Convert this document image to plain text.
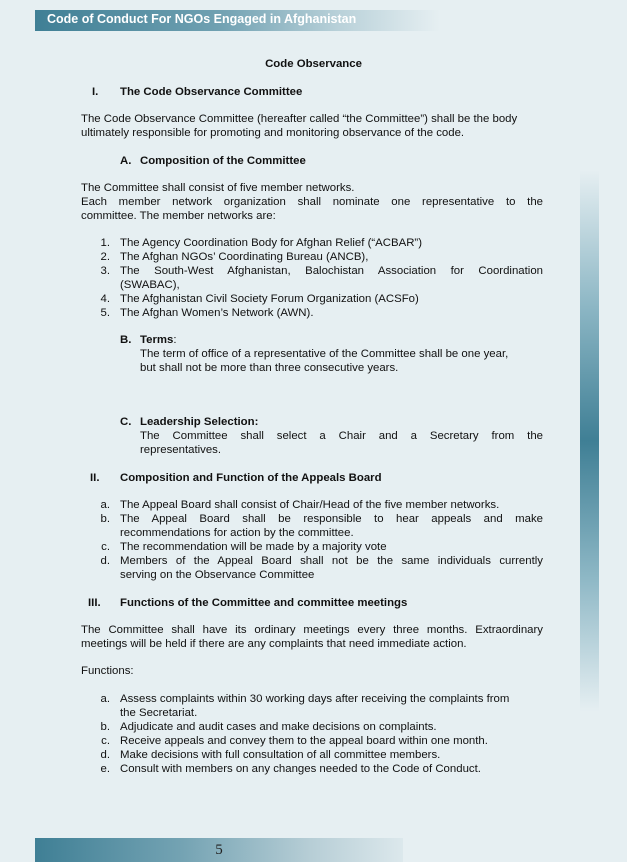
Code of Conduct For NGOs Engaged in Afghanistan
Code Observance
I. The Code Observance Committee
The Code Observance Committee (hereafter called “the Committee”) shall be the body
ultimately responsible for promoting and monitoring observance of the code.
A. Composition of the Committee
The Committee shall consist of five member networks.
Each member network organization shall nominate one representative to the
committee. The member networks are:
1. The Agency Coordination Body for Afghan Relief (“ACBAR”)
2. The Afghan NGOs’ Coordinating Bureau (ANCB),
3. The South-West Afghanistan, Balochistan Association for Coordination
(SWABAC),
4. The Afghanistan Civil Society Forum Organization (ACSFo)
5. The Afghan Women’s Network (AWN).
B. Terms:
The term of office of a representative of the Committee shall be one year,
but shall not be more than three consecutive years.
C. Leadership Selection:
The Committee shall select a Chair and a Secretary from the
representatives.
II. Composition and Function of the Appeals Board
a. The Appeal Board shall consist of Chair/Head of the five member networks.
b. The Appeal Board shall be responsible to hear appeals and make
recommendations for action by the committee.
c. The recommendation will be made by a majority vote
d. Members of the Appeal Board shall not be the same individuals currently
serving on the Observance Committee
III. Functions of the Committee and committee meetings
The Committee shall have its ordinary meetings every three months. Extraordinary
meetings will be held if there are any complaints that need immediate action.
Functions:
a. Assess complaints within 30 working days after receiving the complaints from
the Secretariat.
b. Adjudicate and audit cases and make decisions on complaints.
c. Receive appeals and convey them to the appeal board within one month.
d. Make decisions with full consultation of all committee members.
e. Consult with members on any changes needed to the Code of Conduct.
5
